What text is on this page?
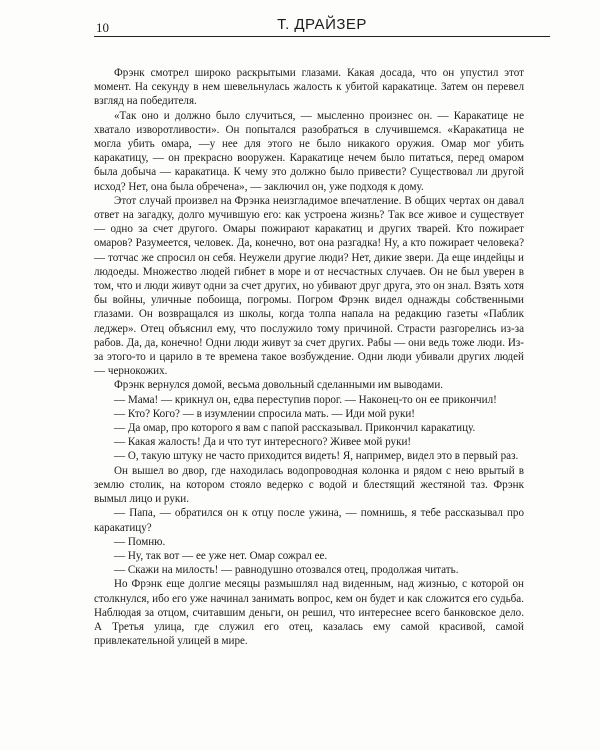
10	Т. ДРАЙЗЕР

Фрэнк смотрел широко раскрытыми глазами. Какая досада, что он упустил этот момент. На секунду в нем шевельнулась жалость к убитой каракатице. Затем он перевел взгляд на победителя.

«Так оно и должно было случиться, — мысленно произнес он. — Каракатице не хватало изворотливости». Он попытался разобраться в случившемся. «Каракатица не могла убить омара, —у нее для этого не было никакого оружия. Омар мог убить каракатицу, — он прекрасно вооружен. Каракатице нечем было питаться, перед омаром была добыча — каракатица. К чему это должно было привести? Существовал ли другой исход? Нет, она была обречена», — заключил он, уже подходя к дому.

Этот случай произвел на Фрэнка неизгладимое впечатление. В общих чертах он давал ответ на загадку, долго мучившую его: как устроена жизнь? Так все живое и существует — одно за счет другого. Омары пожирают каракатиц и других тварей. Кто пожирает омаров? Разумеется, человек. Да, конечно, вот она разгадка! Ну, а кто пожирает человека? — тотчас же спросил он себя. Неужели другие люди? Нет, дикие звери. Да еще индейцы и людоеды. Множество людей гибнет в море и от несчастных случаев. Он не был уверен в том, что и люди живут одни за счет других, но убивают друг друга, это он знал. Взять хотя бы войны, уличные побоища, погромы. Погром Фрэнк видел однажды собственными глазами. Он возвращался из школы, когда толпа напала на редакцию газеты «Паблик леджер». Отец объяснил ему, что послужило тому причиной. Страсти разгорелись из-за рабов. Да, да, конечно! Одни люди живут за счет других. Рабы — они ведь тоже люди. Из-за этого-то и царило в те времена такое возбуждение. Одни люди убивали других людей — чернокожих.

Фрэнк вернулся домой, весьма довольный сделанными им выводами.

— Мама! — крикнул он, едва переступив порог. — Наконец-то он ее прикончил!

— Кто? Кого? — в изумлении спросила мать. — Иди мой руки!

— Да омар, про которого я вам с папой рассказывал. Прикончил каракатицу.

— Какая жалость! Да и что тут интересного? Живее мой руки!

— О, такую штуку не часто приходится видеть! Я, например, видел это в первый раз.

Он вышел во двор, где находилась водопроводная колонка и рядом с нею врытый в землю столик, на котором стояло ведерко с водой и блестящий жестяной таз. Фрэнк вымыл лицо и руки.

— Папа, — обратился он к отцу после ужина, — помнишь, я тебе рассказывал про каракатицу?

— Помню.

— Ну, так вот — ее уже нет. Омар сожрал ее.

— Скажи на милость! — равнодушно отозвался отец, продолжая читать.

Но Фрэнк еще долгие месяцы размышлял над виденным, над жизнью, с которой он столкнулся, ибо его уже начинал занимать вопрос, кем он будет и как сложится его судьба. Наблюдая за отцом, считавшим деньги, он решил, что интереснее всего банковское дело. А Третья улица, где служил его отец, казалась ему самой красивой, самой привлекательной улицей в мире.
